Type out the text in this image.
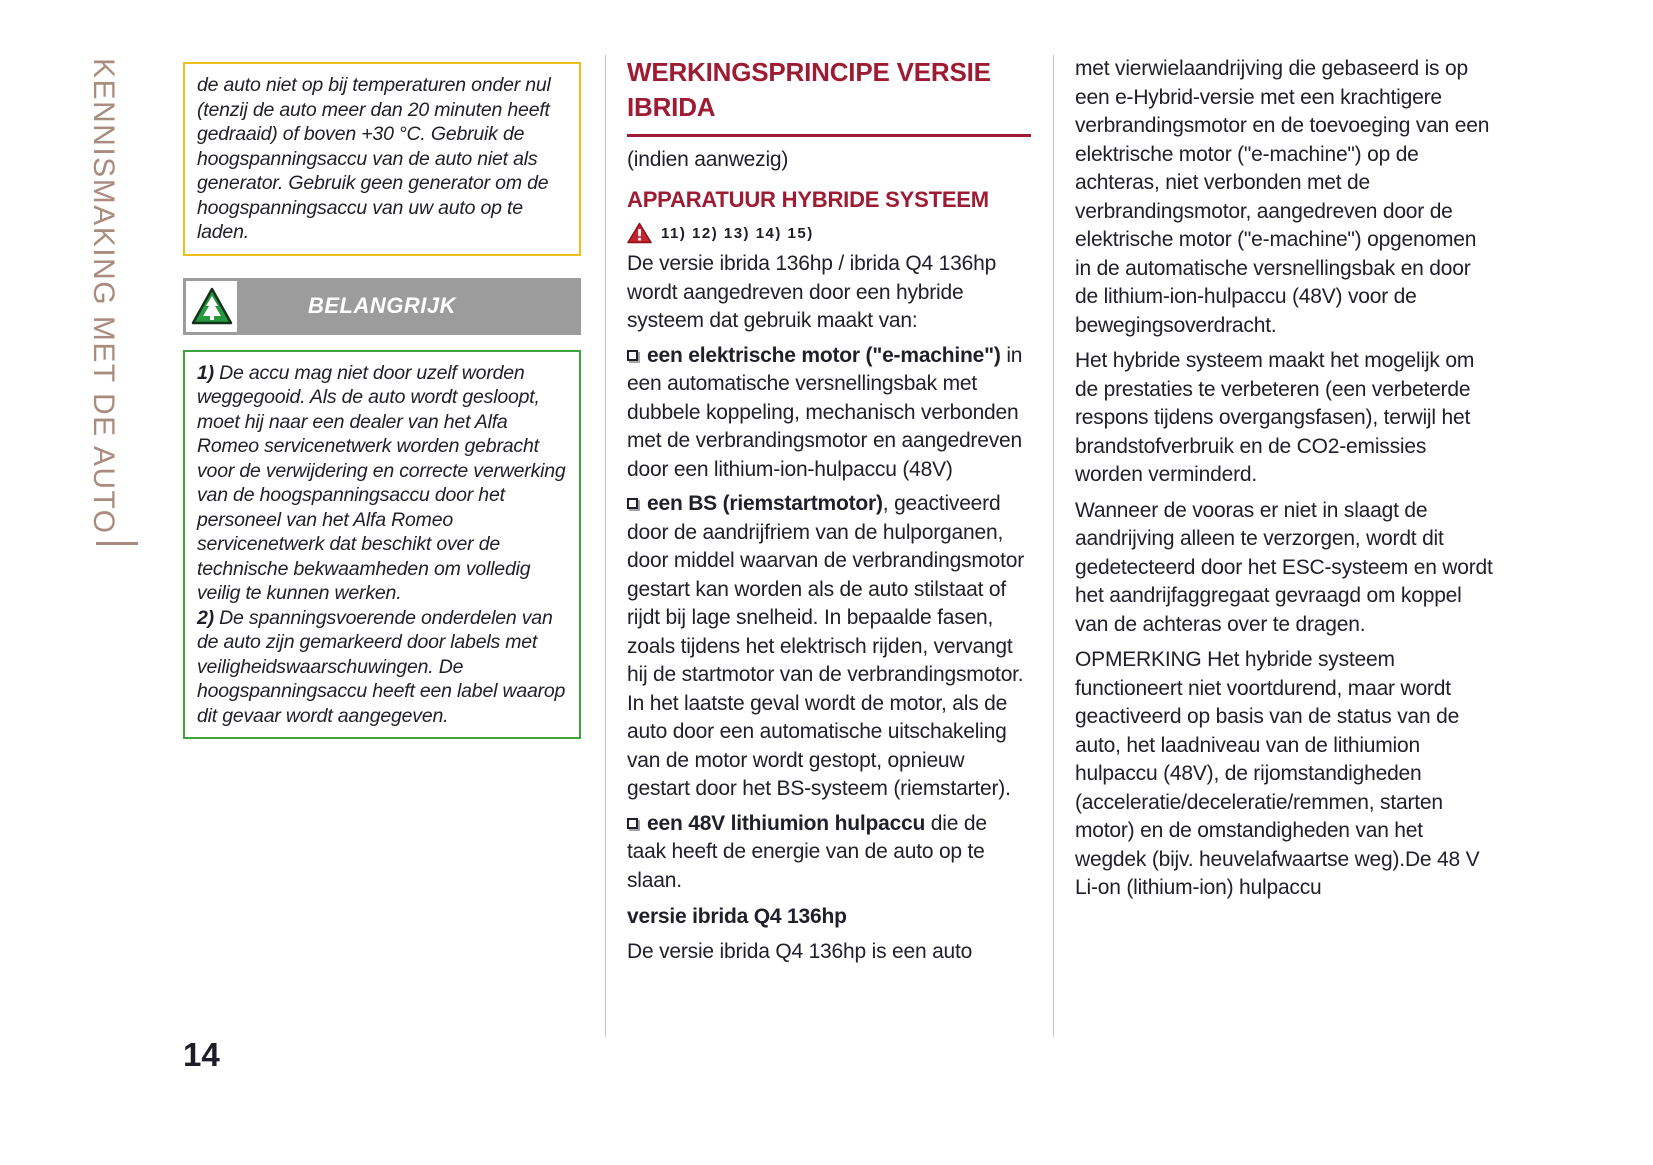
KENNISMAKING MET DE AUTO	de auto niet op bij temperaturen onder nul (tenzij de auto meer dan 20 minuten heeft gedraaid) of boven +30 °C. Gebruik de hoogspanningsaccu van de auto niet als generator. Gebruik geen generator om de hoogspanningsaccu van uw auto op te laden.

BELANGRIJK

1) De accu mag niet door uzelf worden weggegooid. Als de auto wordt gesloopt, moet hij naar een dealer van het Alfa Romeo servicenetwerk worden gebracht voor de verwijdering en correcte verwerking van de hoogspanningsaccu door het personeel van het Alfa Romeo servicenetwerk dat beschikt over de technische bekwaamheden om volledig veilig te kunnen werken.

2) De spanningsvoerende onderdelen van de auto zijn gemarkeerd door labels met veiligheidswaarschuwingen. De hoogspanningsaccu heeft een label waarop dit gevaar wordt aangegeven.

WERKINGSPRINCIPE VERSIE IBRIDA

(indien aanwezig)

APPARATUUR HYBRIDE SYSTEEM
11) 12) 13) 14) 15)

De versie ibrida 136hp / ibrida Q4 136hp wordt aangedreven door een hybride systeem dat gebruik maakt van:

een elektrische motor ("e-machine") in een automatische versnellingsbak met dubbele koppeling, mechanisch verbonden met de verbrandingsmotor en aangedreven door een lithium-ion-hulpaccu (48V)

een BS (riemstartmotor), geactiveerd door de aandrijfriem van de hulporganen, door middel waarvan de verbrandingsmotor gestart kan worden als de auto stilstaat of rijdt bij lage snelheid. In bepaalde fasen, zoals tijdens het elektrisch rijden, vervangt hij de startmotor van de verbrandingsmotor. In het laatste geval wordt de motor, als de auto door een automatische uitschakeling van de motor wordt gestopt, opnieuw gestart door het BS-systeem (riemstarter).

een 48V lithiumion hulpaccu die de taak heeft de energie van de auto op te slaan.

versie ibrida Q4 136hp

De versie ibrida Q4 136hp is een auto

met vierwielaandrijving die gebaseerd is op een e-Hybrid-versie met een krachtigere verbrandingsmotor en de toevoeging van een elektrische motor ("e-machine") op de achteras, niet verbonden met de verbrandingsmotor, aangedreven door de elektrische motor ("e-machine") opgenomen in de automatische versnellingsbak en door de lithium-ion-hulpaccu (48V) voor de bewegingsoverdracht.

Het hybride systeem maakt het mogelijk om de prestaties te verbeteren (een verbeterde respons tijdens overgangsfasen), terwijl het brandstofverbruik en de CO2-emissies worden verminderd.

Wanneer de vooras er niet in slaagt de aandrijving alleen te verzorgen, wordt dit gedetecteerd door het ESC-systeem en wordt het aandrijfaggregaat gevraagd om koppel van de achteras over te dragen.

OPMERKING Het hybride systeem functioneert niet voortdurend, maar wordt geactiveerd op basis van de status van de auto, het laadniveau van de lithiumion hulpaccu (48V), de rijomstandigheden (acceleratie/deceleratie/remmen, starten motor) en de omstandigheden van het wegdek (bijv. heuvelafwaartse weg).De 48 V Li-on (lithium-ion) hulpaccu

14
